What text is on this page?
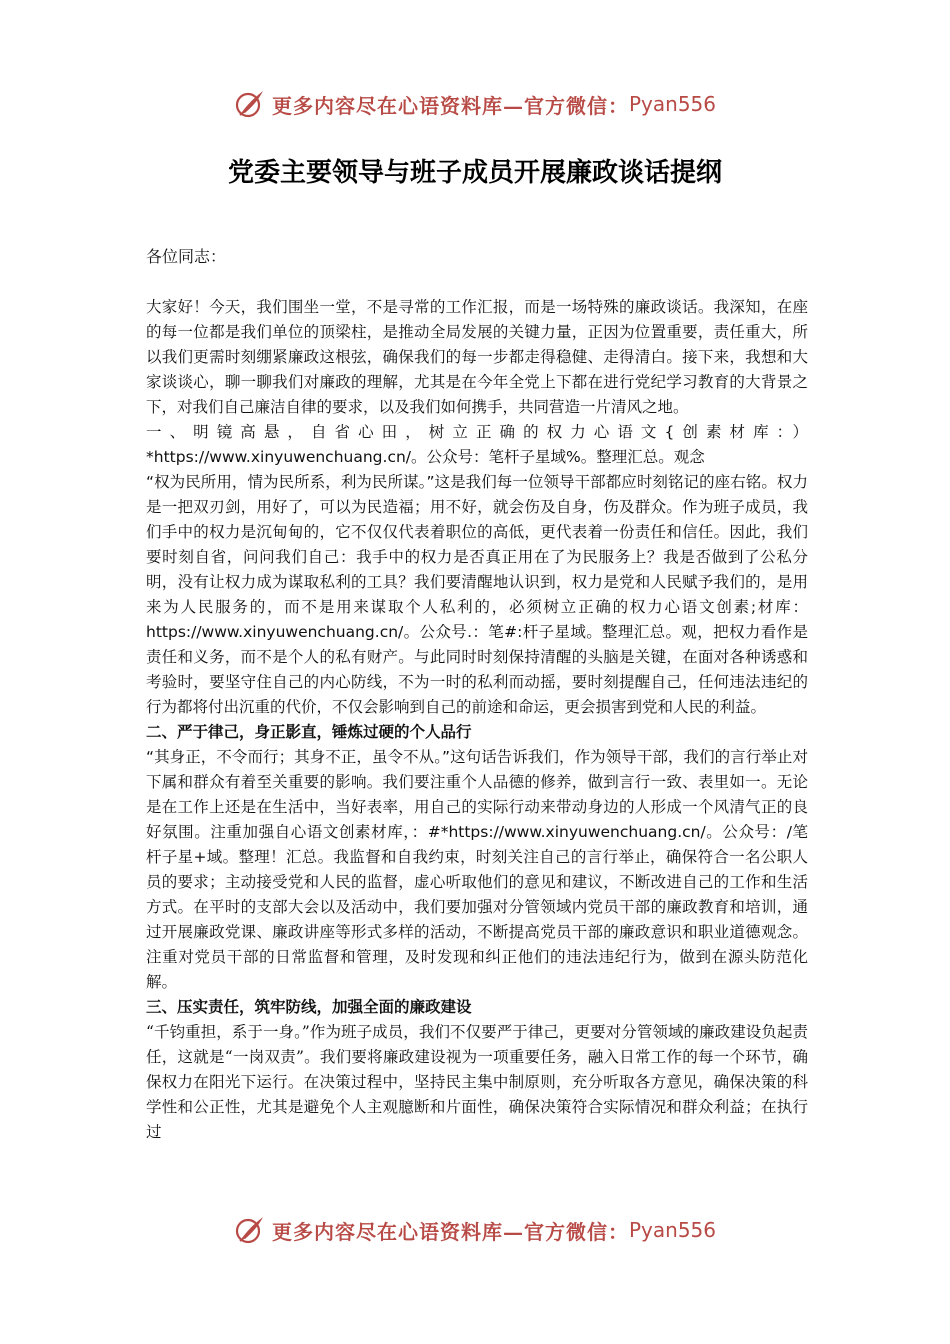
更多内容尽在心语资料库—官方微信： Pyan556
党委主要领导与班子成员开展廉政谈话提纲
各位同志：

大家好！今天，我们围坐一堂，不是寻常的工作汇报，而是一场特殊的廉政谈话。我深知，在座的每一位都是我们单位的顶梁柱，是推动全局发展的关键力量，正因为位置重要，责任重大，所以我们更需时刻绷紧廉政这根弦，确保我们的每一步都走得稳健、走得清白。接下来，我想和大家谈谈心，聊一聊我们对廉政的理解，尤其是在今年全党上下都在进行党纪学习教育的大背景之下，对我们自己廉洁自律的要求，以及我们如何携手，共同营造一片清风之地。

一、明镜高悬，自省心田，树立正确的权力心语文{创素材库：）*https://www.xinyuwenchuang.cn/。公众号：笔杆子星域%。整理汇总。观念

“权为民所用，情为民所系，利为民所谋。”这是我们每一位领导干部都应时刻铭记的座右铭。权力是一把双刃剑，用好了，可以为民造福；用不好，就会伤及自身，伤及群众。作为班子成员，我们手中的权力是沉甸甸的，它不仅仅代表着职位的高低，更代表着一份责任和信任。因此，我们要时刻自省，问问我们自己：我手中的权力是否真正用在了为民服务上？我是否做到了公私分明，没有让权力成为谋取私利的工具？我们要清醒地认识到，权力是党和人民赋予我们的，是用来为人民服务的，而不是用来谋取个人私利的，必须树立正确的权力心语文创素;材库：https://www.xinyuwenchuang.cn/。公众号.：笔#:杆子星域。整理汇总。观，把权力看作是责任和义务，而不是个人的私有财产。与此同时时刻保持清醒的头脑是关键，在面对各种诱惑和考验时，要坚守住自己的内心防线，不为一时的私利而动摇，要时刻提醒自己，任何违法违纪的行为都将付出沉重的代价，不仅会影响到自己的前途和命运，更会损害到党和人民的利益。

二、严于律己，身正影直，锤炼过硬的个人品行

“其身正，不令而行；其身不正，虽令不从。”这句话告诉我们，作为领导干部，我们的言行举止对下属和群众有着至关重要的影响。我们要注重个人品德的修养，做到言行一致、表里如一。无论是在工作上还是在生活中，当好表率，用自己的实际行动来带动身边的人形成一个风清气正的良好氛围。注重加强自心语文创素材库，：#*https://www.xinyuwenchuang.cn/。公众号：/笔杆子星+域。整理！汇总。我监督和自我约束，时刻关注自己的言行举止，确保符合一名公职人员的要求；主动接受党和人民的监督，虚心听取他们的意见和建议，不断改进自己的工作和生活方式。在平时的支部大会以及活动中，我们要加强对分管领域内党员干部的廉政教育和培训，通过开展廉政党课、廉政讲座等形式多样的活动，不断提高党员干部的廉政意识和职业道德观念。注重对党员干部的日常监督和管理，及时发现和纠正他们的违法违纪行为，做到在源头防范化解。

三、压实责任，筑牢防线，加强全面的廉政建设

“千钧重担，系于一身。”作为班子成员，我们不仅要严于律己，更要对分管领域的廉政建设负起责任，这就是“一岗双责”。我们要将廉政建设视为一项重要任务，融入日常工作的每一个环节，确保权力在阳光下运行。在决策过程中，坚持民主集中制原则，充分听取各方意见，确保决策的科学性和公正性，尤其是避免个人主观臆断和片面性，确保决策符合实际情况和群众利益；在执行过

更多内容尽在心语资料库—官方微信： Pyan556
